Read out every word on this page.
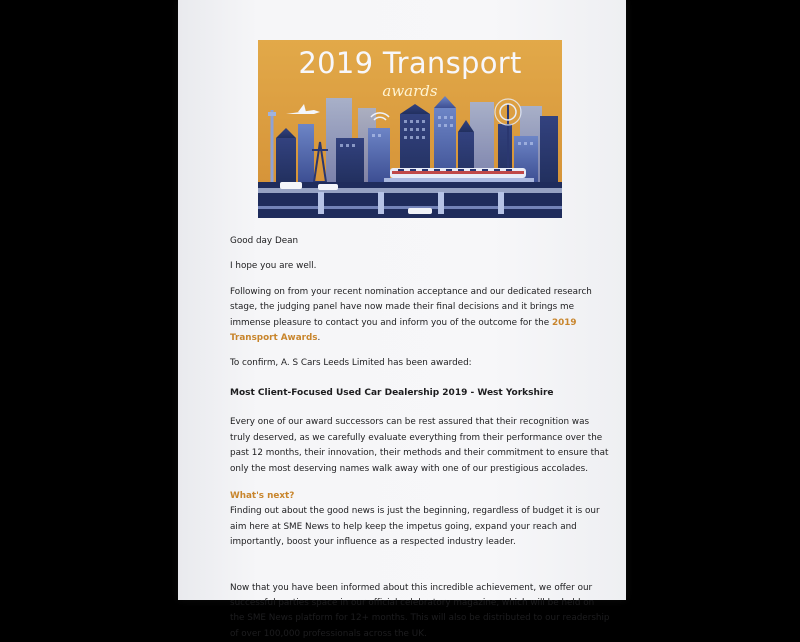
2019 Transport
awards

Good day Dean

I hope you are well.

Following on from your recent nomination acceptance and our dedicated research stage, the judging panel have now made their final decisions and it brings me immense pleasure to contact you and inform you of the outcome for the 2019 Transport Awards.

To confirm, A. S Cars Leeds Limited has been awarded:

Most Client-Focused Used Car Dealership 2019 - West Yorkshire

Every one of our award successors can be rest assured that their recognition was truly deserved, as we carefully evaluate everything from their performance over the past 12 months, their innovation, their methods and their commitment to ensure that only the most deserving names walk away with one of our prestigious accolades.

What's next?

Finding out about the good news is just the beginning, regardless of budget it is our aim here at SME News to help keep the impetus going, expand your reach and importantly, boost your influence as a respected industry leader.

Now that you have been informed about this incredible achievement, we offer our successful parties space in our official celebratory magazine, which will be held on the SME News platform for 12+ months. This will also be distributed to our readership of over 100,000 professionals across the UK.
